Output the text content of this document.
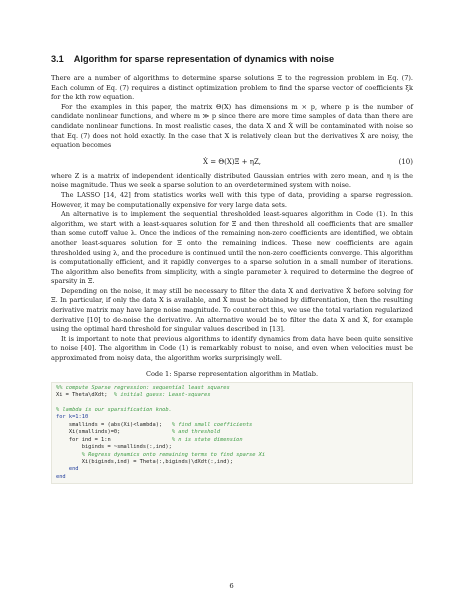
3.1 Algorithm for sparse representation of dynamics with noise

There are a number of algorithms to determine sparse solutions Ξ to the regression problem in Eq. (7). Each column of Eq. (7) requires a distinct optimization problem to find the sparse vector of coefficients ξk for the kth row equation.

For the examples in this paper, the matrix Θ(X) has dimensions m × p, where p is the number of candidate nonlinear functions, and where m ≫ p since there are more time samples of data than there are candidate nonlinear functions. In most realistic cases, the data X and Ẋ will be contaminated with noise so that Eq. (7) does not hold exactly. In the case that X is relatively clean but the derivatives Ẋ are noisy, the equation becomes

Ẋ = Θ(X)Ξ + ηZ,	(10)

where Z is a matrix of independent identically distributed Gaussian entries with zero mean, and η is the noise magnitude. Thus we seek a sparse solution to an overdetermined system with noise.

The LASSO [14, 42] from statistics works well with this type of data, providing a sparse regression. However, it may be computationally expensive for very large data sets.

An alternative is to implement the sequential thresholded least-squares algorithm in Code (1). In this algorithm, we start with a least-squares solution for Ξ and then threshold all coefficients that are smaller than some cutoff value λ. Once the indices of the remaining non-zero coefficients are identified, we obtain another least-squares solution for Ξ onto the remaining indices. These new coefficients are again thresholded using λ, and the procedure is continued until the non-zero coefficients converge. This algorithm is computationally efficient, and it rapidly converges to a sparse solution in a small number of iterations. The algorithm also benefits from simplicity, with a single parameter λ required to determine the degree of sparsity in Ξ.

Depending on the noise, it may still be necessary to filter the data X and derivative Ẋ before solving for Ξ. In particular, if only the data X is available, and Ẋ must be obtained by differentiation, then the resulting derivative matrix may have large noise magnitude. To counteract this, we use the total variation regularized derivative [10] to de-noise the derivative. An alternative would be to filter the data X and Ẋ, for example using the optimal hard threshold for singular values described in [13].

It is important to note that previous algorithms to identify dynamics from data have been quite sensitive to noise [40]. The algorithm in Code (1) is remarkably robust to noise, and even when velocities must be approximated from noisy data, the algorithm works surprisingly well.

Code 1: Sparse representation algorithm in Matlab.
%% compute Sparse regression: sequential least squares
Xi = Theta\dXdt;  % initial guess: Least-squares

% lambda is our sparsification knob.
for k=1:10
smallinds = (abs(Xi)<lambda);   % find small coefficients
Xi(smallinds)=0;                % and threshold
for ind = 1:n                   % n is state dimension
biginds = ~smallinds(:,ind);
% Regress dynamics onto remaining terms to find sparse Xi
Xi(biginds,ind) = Theta(:,biginds)\dXdt(:,ind);
end
end
6
